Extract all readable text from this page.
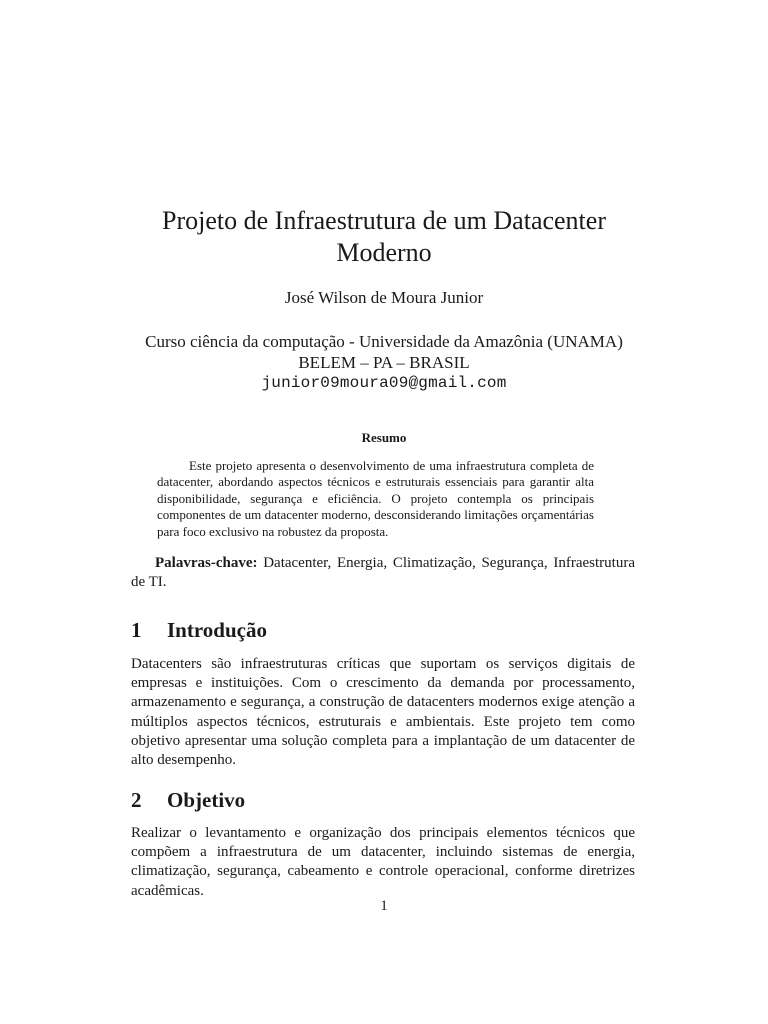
Projeto de Infraestrutura de um Datacenter
Moderno
José Wilson de Moura Junior
Curso ciência da computação - Universidade da Amazônia (UNAMA)
BELEM – PA – BRASIL
junior09moura09@gmail.com
Resumo
Este projeto apresenta o desenvolvimento de uma infraestrutura completa de datacenter, abordando aspectos técnicos e estruturais essenciais para garantir alta disponibilidade, segurança e eficiência. O projeto contempla os principais componentes de um datacenter moderno, desconsiderando limitações orçamentárias para foco exclusivo na robustez da proposta.
Palavras-chave: Datacenter, Energia, Climatização, Segurança, Infraestrutura de TI.
1 Introdução
Datacenters são infraestruturas críticas que suportam os serviços digitais de empresas e instituições. Com o crescimento da demanda por processamento, armazenamento e segurança, a construção de datacenters modernos exige atenção a múltiplos aspectos técnicos, estruturais e ambientais. Este projeto tem como objetivo apresentar uma solução completa para a implantação de um datacenter de alto desempenho.
2 Objetivo
Realizar o levantamento e organização dos principais elementos técnicos que compõem a infraestrutura de um datacenter, incluindo sistemas de energia, climatização, segurança, cabeamento e controle operacional, conforme diretrizes acadêmicas.
1
